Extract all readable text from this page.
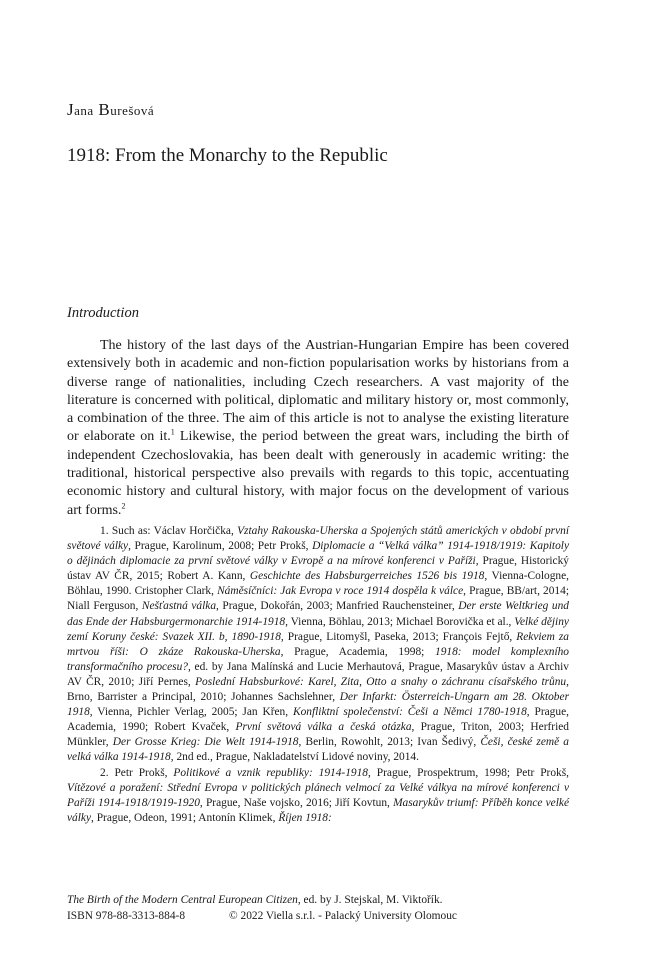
Jana Burešová
1918: From the Monarchy to the Republic
Introduction

The history of the last days of the Austrian-Hungarian Empire has been covered extensively both in academic and non-fiction popularisation works by historians from a diverse range of nationalities, including Czech researchers. A vast majority of the literature is concerned with political, diplomatic and military history or, most commonly, a combination of the three. The aim of this article is not to analyse the existing literature or elaborate on it.$^1$ Likewise, the period between the great wars, including the birth of independent Czechoslovakia, has been dealt with generously in academic writing: the traditional, historical perspective also prevails with regards to this topic, accentuating economic history and cultural history, with major focus on the development of various art forms.$^2$

1. Such as: Václav Horčička, Vztahy Rakouska-Uherska a Spojených států amerických v období první světové války, Prague, Karolinum, 2008; Petr Prokš, Diplomacie a “Velká válka” 1914-1918/1919: Kapitoly o dějinách diplomacie za první světové války v Evropě a na mírové konferenci v Paříži, Prague, Historický ústav AV ČR, 2015; Robert A. Kann, Geschichte des Habsburgerreiches 1526 bis 1918, Vienna-Cologne, Böhlau, 1990. Cristopher Clark, Náměsíčníci: Jak Evropa v roce 1914 dospěla k válce, Prague, BB/art, 2014; Niall Ferguson, Nešťastná válka, Prague, Dokořán, 2003; Manfried Rauchensteiner, Der erste Weltkrieg und das Ende der Habsburgermonarchie 1914-1918, Vienna, Böhlau, 2013; Michael Borovička et al., Velké dějiny zemí Koruny české: Svazek XII. b, 1890-1918, Prague, Litomyšl, Paseka, 2013; François Fejtő, Rekviem za mrtvou říši: O zkáze Rakouska-Uherska, Prague, Academia, 1998; 1918: model komplexního transformačního procesu?, ed. by Jana Malínská and Lucie Merhautová, Prague, Masarykův ústav a Archiv AV ČR, 2010; Jiří Pernes, Poslední Habsburkové: Karel, Zita, Otto a snahy o záchranu císařského trůnu, Brno, Barrister a Principal, 2010; Johannes Sachslehner, Der Infarkt: Österreich-Ungarn am 28. Oktober 1918, Vienna, Pichler Verlag, 2005; Jan Křen, Konfliktní společenství: Češi a Němci 1780-1918, Prague, Academia, 1990; Robert Kvaček, První světová válka a česká otázka, Prague, Triton, 2003; Herfried Münkler, Der Grosse Krieg: Die Welt 1914-1918, Berlin, Rowohlt, 2013; Ivan Šedivý, Češi, české země a velká válka 1914-1918, 2nd ed., Prague, Nakladatelství Lidové noviny, 2014.

2. Petr Prokš, Politikové a vznik republiky: 1914-1918, Prague, Prospektrum, 1998; Petr Prokš, Vítězové a poražení: Střední Evropa v politických plánech velmocí za Velké válkya na mírové konferenci v Paříži 1914-1918/1919-1920, Prague, Naše vojsko, 2016; Jiří Kovtun, Masarykův triumf: Příběh konce velké války, Prague, Odeon, 1991; Antonín Klimek, Říjen 1918:

The Birth of the Modern Central European Citizen, ed. by J. Stejskal, M. Viktořík.
ISBN 978-88-3313-884-8	© 2022 Viella s.r.l. - Palacký University Olomouc
